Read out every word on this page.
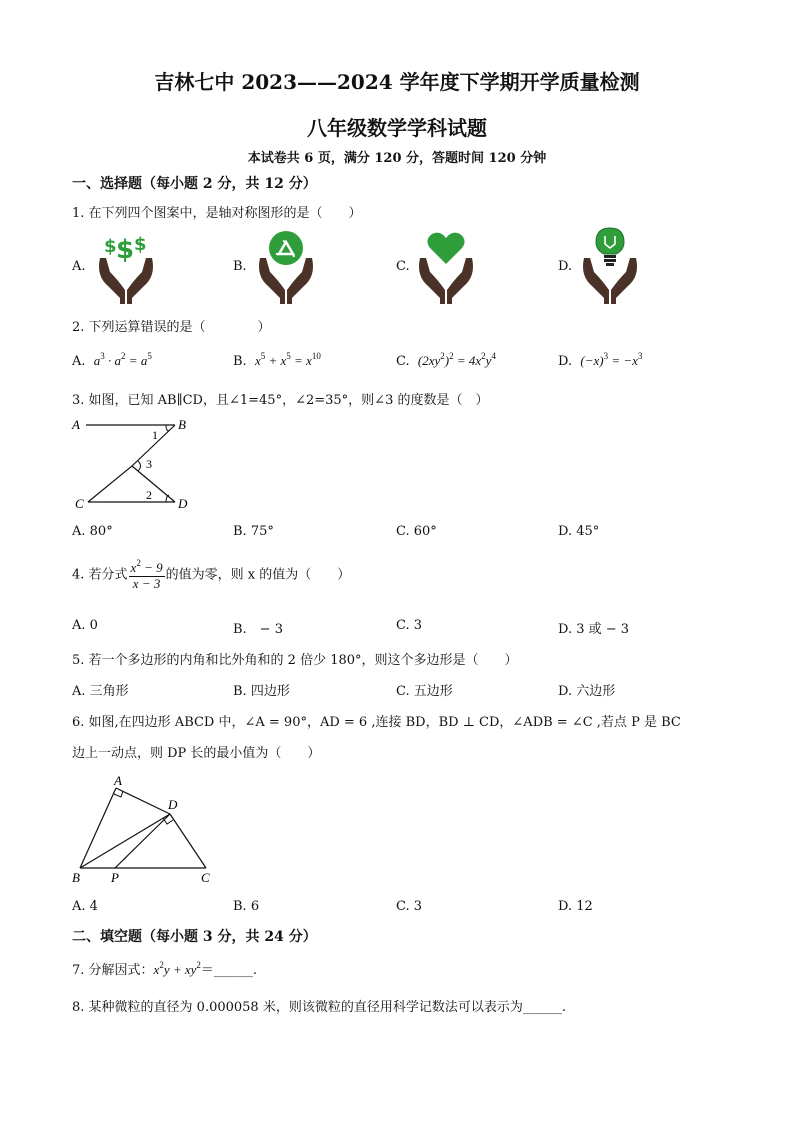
吉林七中 2023——2024 学年度下学期开学质量检测
八年级数学学科试题
本试卷共 6 页，满分 120 分，答题时间 120 分钟
一、选择题（每小题 2 分，共 12 分）
1. 在下列四个图案中，是轴对称图形的是（　　）
A.	B.	C.	D.
$ $ $
2. 下列运算错误的是（　　　　）
A. $a^3 \cdot a^2 = a^5$	B. $x^5 + x^5 = x^{10}$	C. $(2xy^2)^2 = 4x^2y^4$	D. $(-x)^3 = -x^3$
3. 如图，已知 AB∥CD，且∠1=45°，∠2=35°，则∠3 的度数是（　）
A	B
C	D
1
3
2
A. 80°	B. 75°	C. 60°	D. 45°
4. 若分式 $\frac{x^2 - 9}{x - 3}$ 的值为零，则 x 的值为（　　）
A. 0	B.　− 3	C. 3	D. 3 或 − 3
5. 若一个多边形的内角和比外角和的 2 倍少 180°，则这个多边形是（　　）
A. 三角形	B. 四边形	C. 五边形	D. 六边形
6. 如图,在四边形 ABCD 中，∠A = 90°，AD = 6 ,连接 BD，BD ⊥ CD，∠ADB = ∠C ,若点 P 是 BC
边上一动点，则 DP 长的最小值为（　　）
A
D
B P	C
A. 4	B. 6	C. 3	D. 12
二、填空题（每小题 3 分，共 24 分）
7. 分解因式：$x^2y$ + $xy^2=\_\_\_\_\_\_$.
8. 某种微粒的直径为 0.000058 米，则该微粒的直径用科学记数法可以表示为______.
